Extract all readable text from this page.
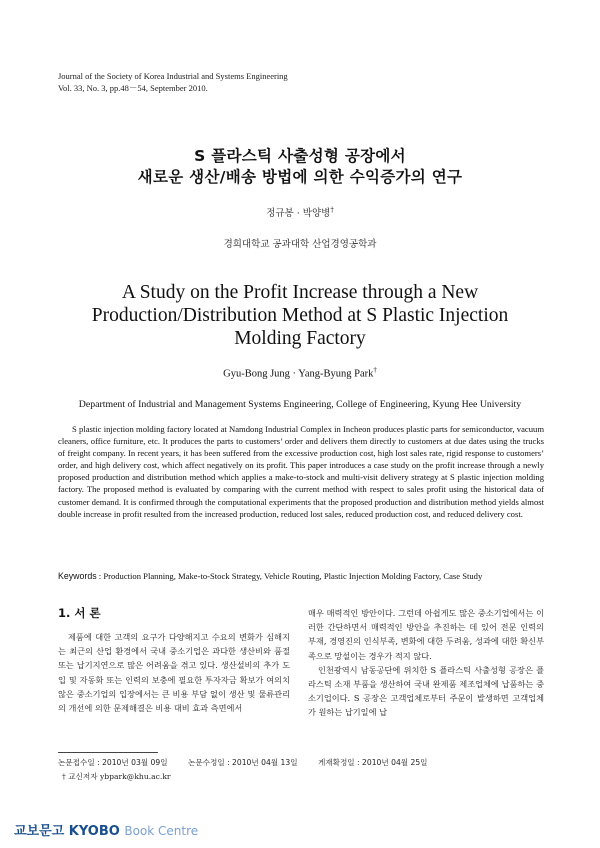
Journal of the Society of Korea Industrial and Systems Engineering
Vol. 33, No. 3, pp.48－54, September 2010.
S 플라스틱 사출성형 공장에서
새로운 생산/배송 방법에 의한 수익증가의 연구
정규봉 · 박양병†
경희대학교 공과대학 산업경영공학과
A Study on the Profit Increase through a New
Production/Distribution Method at S Plastic Injection
Molding Factory
Gyu-Bong Jung · Yang-Byung Park†
Department of Industrial and Management Systems Engineering, College of Engineering, Kyung Hee University
S plastic injection molding factory located at Namdong Industrial Complex in Incheon produces plastic parts for semiconductor, vacuum cleaners, office furniture, etc. It produces the parts to customers’ order and delivers them directly to customers at due dates using the trucks of freight company. In recent years, it has been suffered from the excessive production cost, high lost sales rate, rigid response to customers’ order, and high delivery cost, which affect negatively on its profit. This paper introduces a case study on the profit increase through a newly proposed production and distribution method which applies a make-to-stock and multi-visit delivery strategy at S plastic injection molding factory. The proposed method is evaluated by comparing with the current method with respect to sales profit using the historical data of customer demand. It is confirmed through the computational experiments that the proposed production and distribution method yields almost double increase in profit resulted from the increased production, reduced lost sales, reduced production cost, and reduced delivery cost.
Keywords : Production Planning, Make-to-Stock Strategy, Vehicle Routing, Plastic Injection Molding Factory, Case Study
1. 서 론
제품에 대한 고객의 요구가 다양해지고 수요의 변화가 심해지는 최근의 산업 환경에서 국내 중소기업은 과다한 생산비와 품절 또는 납기지연으로 많은 어려움을 겪고 있다. 생산설비의 추가 도입 및 자동화 또는 인력의 보충에 필요한 투자자금 확보가 여의치 않은 중소기업의 입장에서는 큰 비용 부담 없이 생산 및 물류관리의 개선에 의한 문제해결은 비용 대비 효과 측면에서

매우 매력적인 방안이다. 그런데 아쉽게도 많은 중소기업에서는 이러한 간단하면서 매력적인 방안을 추진하는 데 있어 전문 인력의 부재, 경영진의 인식부족, 변화에 대한 두려움, 성과에 대한 확신부족으로 망설이는 경우가 적지 않다.

인천광역시 남동공단에 위치한 S 플라스틱 사출성형 공장은 플라스틱 소재 부품을 생산하여 국내 완제품 제조업체에 납품하는 중소기업이다. S 공장은 고객업체로부터 주문이 발생하면 고객업체가 원하는 납기일에 납

논문접수일 : 2010년 03월 09일	논문수정일 : 2010년 04월 13일	게재확정일 : 2010년 04월 25일
† 교신저자 ybpark@khu.ac.kr
교보문고 KYOBO Book Centre
